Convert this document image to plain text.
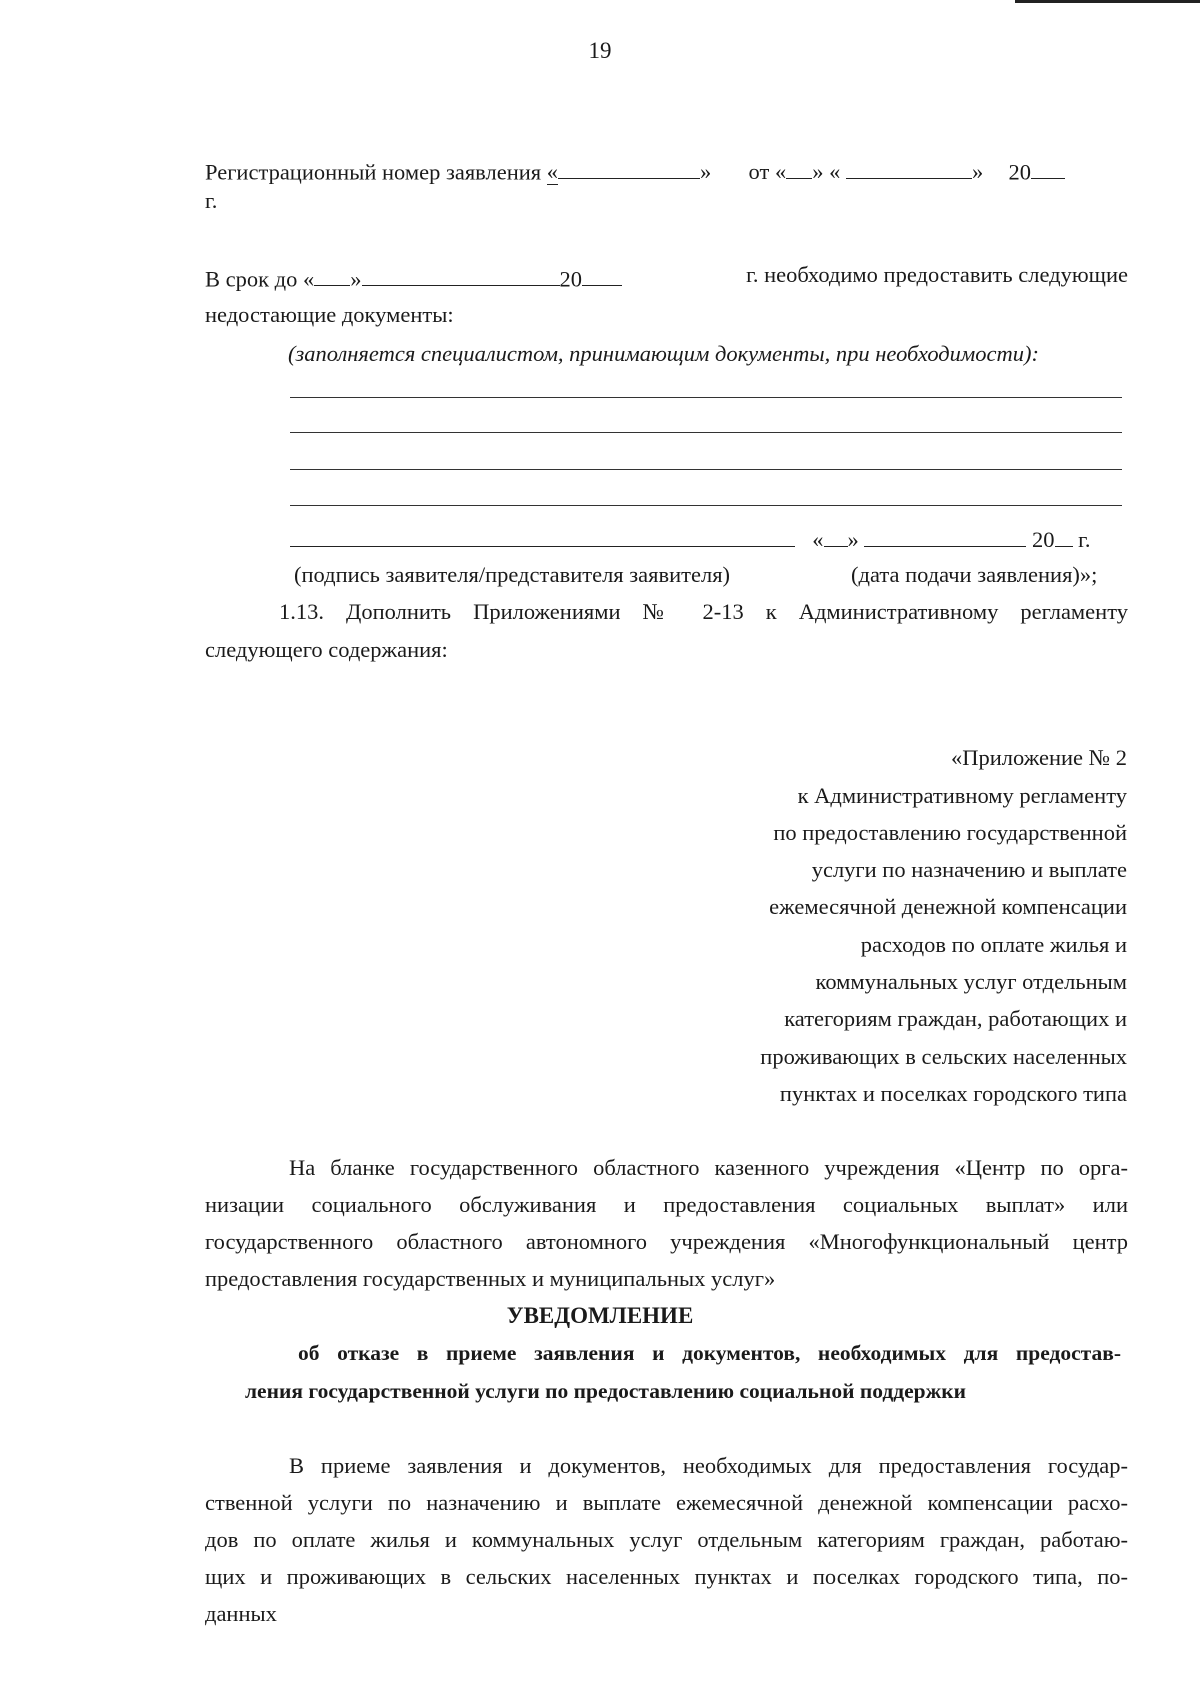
19
Регистрационный номер заявления «	» от « » «	» 20
г.
В срок до « »	20	г. необходимо предоставить следующие
недостающие документы:
(заполняется специалистом, принимающим документы, при необходимости):
« »	20 г.
(подпись заявителя/представителя заявителя)	(дата подачи заявления)»;
1.13. Дополнить Приложениями № 2-13 к Административному регламенту
следующего содержания:
«Приложение № 2
к Административному регламенту
по предоставлению государственной
услуги по назначению и выплате
ежемесячной денежной компенсации
расходов по оплате жилья и
коммунальных услуг отдельным
категориям граждан, работающих и
проживающих в сельских населенных
пунктах и поселках городского типа
На бланке государственного областного казенного учреждения «Центр по орга-
низации социального обслуживания и предоставления социальных выплат» или
государственного областного автономного учреждения «Многофункциональный центр
предоставления государственных и муниципальных услуг»
УВЕДОМЛЕНИЕ
об отказе в приеме заявления и документов, необходимых для предостав-
ления государственной услуги по предоставлению социальной поддержки
В приеме заявления и документов, необходимых для предоставления государ-
ственной услуги по назначению и выплате ежемесячной денежной компенсации расхо-
дов по оплате жилья и коммунальных услуг отдельным категориям граждан, работаю-
щих и проживающих в сельских населенных пунктах и поселках городского типа, по-
данных
